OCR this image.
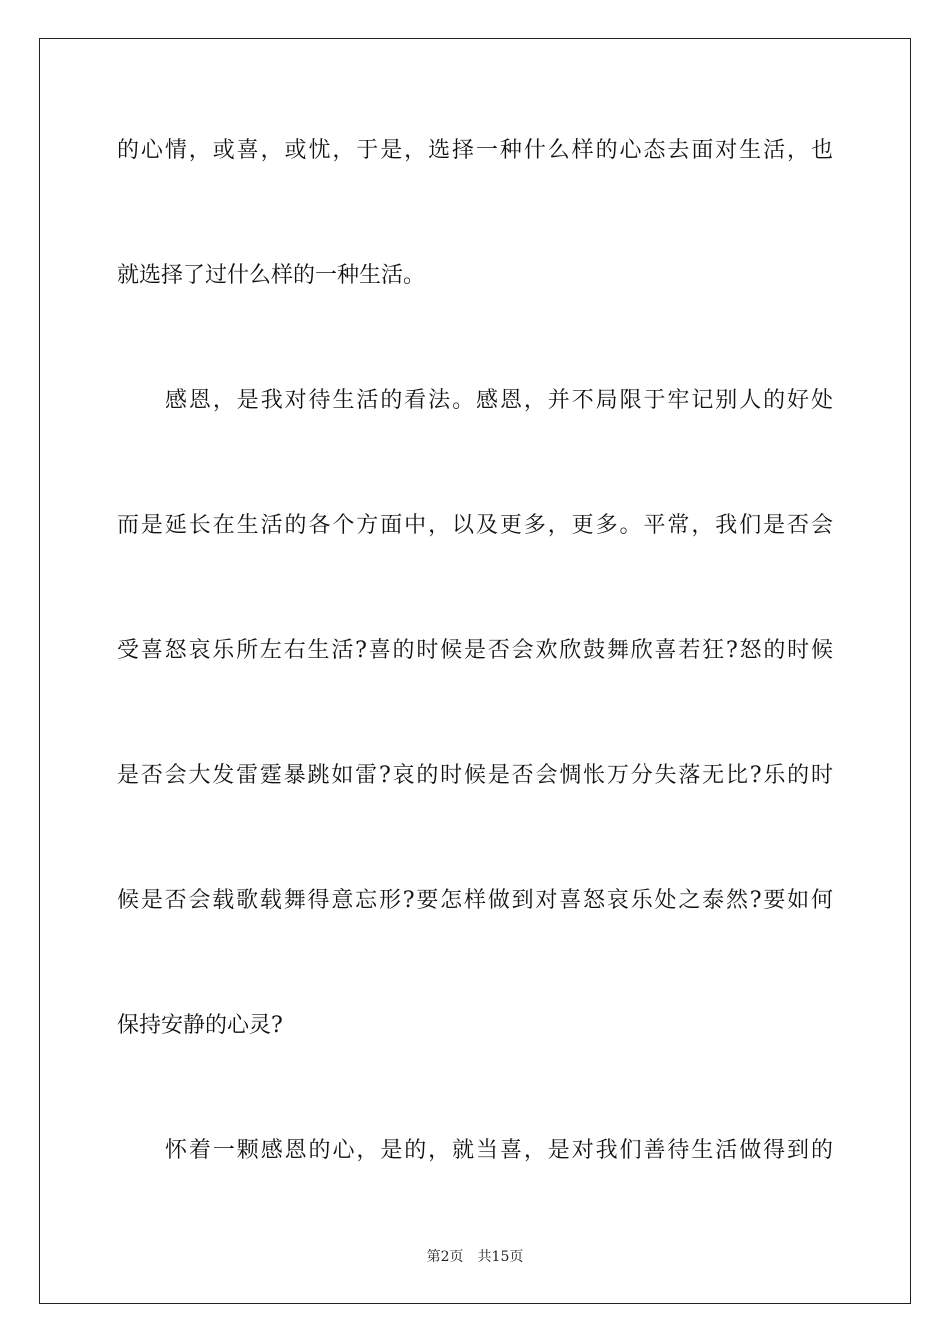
的心情，或喜，或忧，于是，选择一种什么样的心态去面对生活，也
就选择了过什么样的一种生活。
感恩，是我对待生活的看法。感恩，并不局限于牢记别人的好处
而是延长在生活的各个方面中，以及更多，更多。平常，我们是否会
受喜怒哀乐所左右生活?喜的时候是否会欢欣鼓舞欣喜若狂?怒的时候
是否会大发雷霆暴跳如雷?哀的时候是否会惆怅万分失落无比?乐的时
候是否会载歌载舞得意忘形?要怎样做到对喜怒哀乐处之泰然?要如何
保持安静的心灵?
怀着一颗感恩的心，是的，就当喜，是对我们善待生活做得到的
第2页 共15页
